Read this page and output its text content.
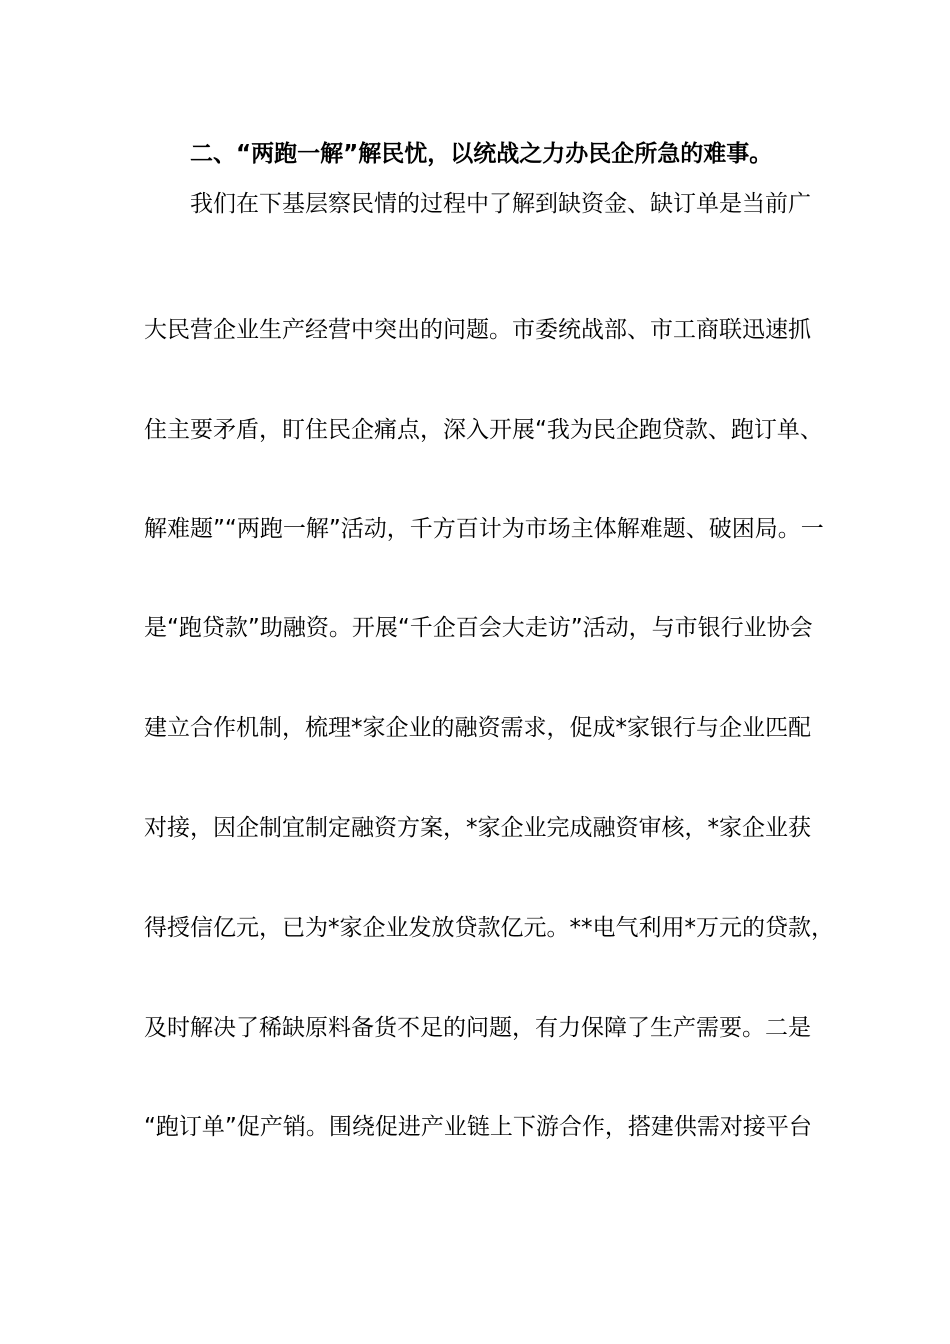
二、“两跑一解”解民忧，以统战之力办民企所急的难事。
我们在下基层察民情的过程中了解到缺资金、缺订单是当前广
大民营企业生产经营中突出的问题。市委统战部、市工商联迅速抓
住主要矛盾，盯住民企痛点，深入开展“我为民企跑贷款、跑订单、
解难题”“两跑一解”活动，千方百计为市场主体解难题、破困局。一
是“跑贷款”助融资。开展“千企百会大走访”活动，与市银行业协会
建立合作机制，梳理*家企业的融资需求，促成*家银行与企业匹配
对接，因企制宜制定融资方案，*家企业完成融资审核，*家企业获
得授信亿元，已为*家企业发放贷款亿元。**电气利用*万元的贷款，
及时解决了稀缺原料备货不足的问题，有力保障了生产需要。二是
“跑订单”促产销。围绕促进产业链上下游合作，搭建供需对接平台
